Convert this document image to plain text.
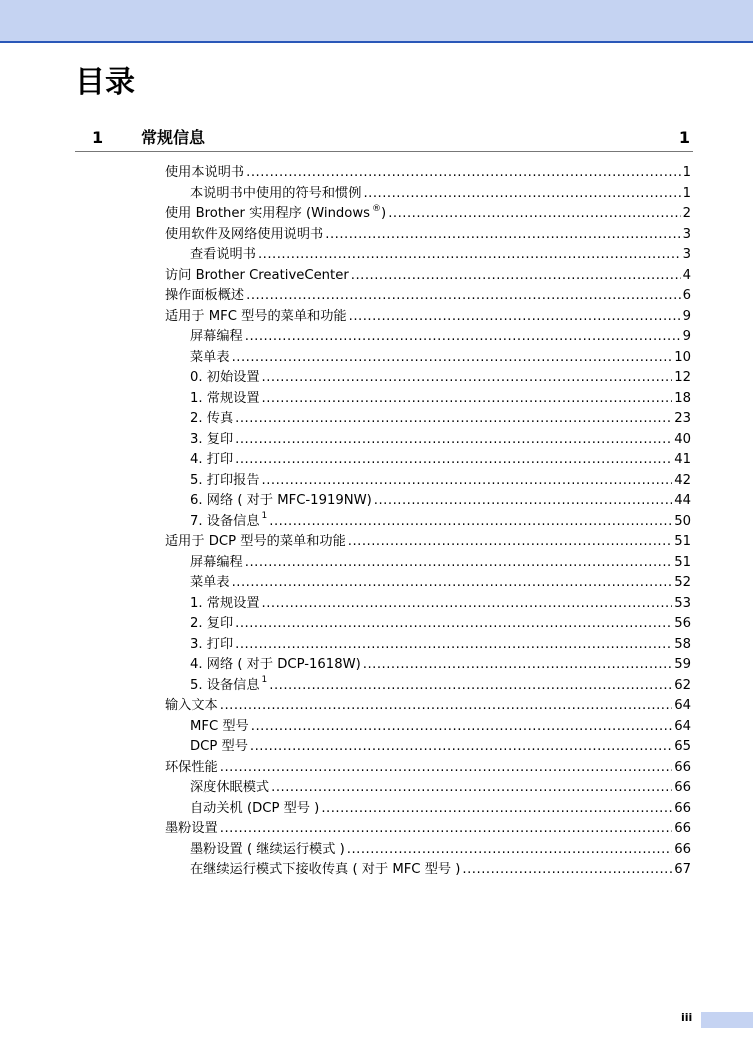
目录
1 常规信息	1
使用本说明书 .....	1
本说明书中使用的符号和惯例 .....	1
使用 Brother 实用程序 (Windows ®) .....	2
使用软件及网络使用说明书 .....	3
查看说明书 .....	3
访问 Brother CreativeCenter .....	4
操作面板概述 .....	6
适用于 MFC 型号的菜单和功能 .....	9
屏幕编程 .....	9
菜单表 .....	10
0. 初始设置 .....	12
1. 常规设置 .....	18
2. 传真 .....	23
3. 复印 .....	40
4. 打印 .....	41
5. 打印报告 .....	42
6. 网络 ( 对于 MFC-1919NW) .....	44
7. 设备信息 $^1$ .....	50
适用于 DCP 型号的菜单和功能 .....	51
屏幕编程 .....	51
菜单表 .....	52
1. 常规设置 .....	53
2. 复印 .....	56
3. 打印 .....	58
4. 网络 ( 对于 DCP-1618W) .....	59
5. 设备信息 $^1$ .....	62
输入文本 .....	64
MFC 型号 .....	64
DCP 型号 .....	65
环保性能 .....	66
深度休眠模式 .....	66
自动关机 (DCP 型号 ) .....	66
墨粉设置 .....	66
墨粉设置 ( 继续运行模式 ) .....	66
在继续运行模式下接收传真 ( 对于 MFC 型号 ) .....	67
iii
